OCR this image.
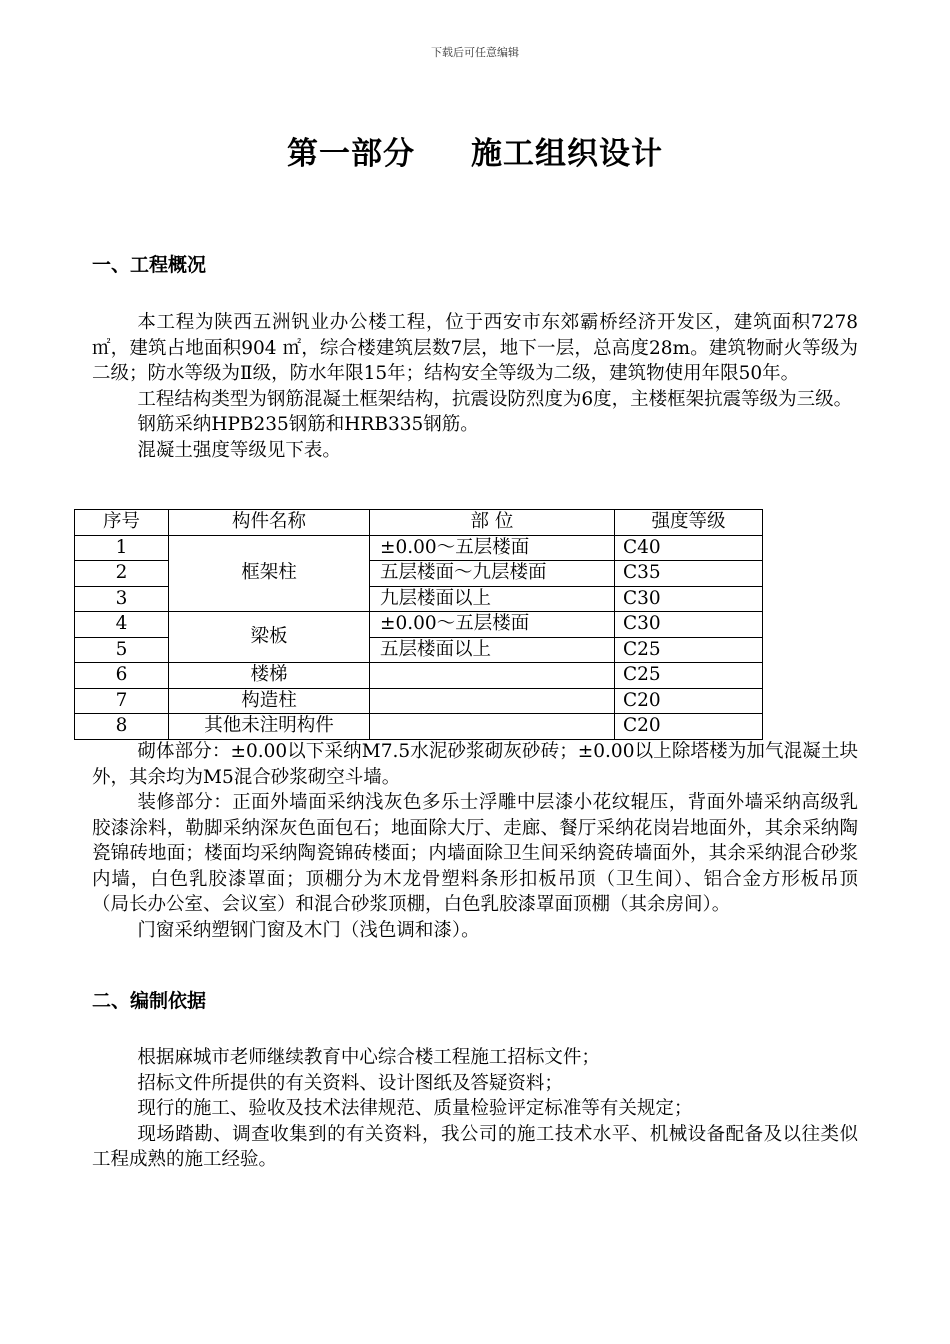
下载后可任意编辑
第一部分 施工组织设计
一、工程概况

本工程为陕西五洲钒业办公楼工程，位于西安市东郊霸桥经济开发区，建筑面积7278㎡，建筑占地面积904 ㎡，综合楼建筑层数7层，地下一层，总高度28m。建筑物耐火等级为二级；防水等级为Ⅱ级，防水年限15年；结构安全等级为二级，建筑物使用年限50年。

工程结构类型为钢筋混凝土框架结构，抗震设防烈度为6度，主楼框架抗震等级为三级。

钢筋采纳HPB235钢筋和HRB335钢筋。

混凝土强度等级见下表。

序号	构件名称	部 位	强度等级
1	框架柱	±0.00～五层楼面	C40
2		五层楼面～九层楼面	C35
3		九层楼面以上	C30
4	梁板	±0.00～五层楼面	C30
5		五层楼面以上	C25
6	楼梯		C25
7	构造柱		C20
8	其他未注明构件		C20

砌体部分：±0.00以下采纳M7.5水泥砂浆砌灰砂砖；±0.00以上除塔楼为加气混凝土块外，其余均为M5混合砂浆砌空斗墙。

装修部分：正面外墙面采纳浅灰色多乐士浮雕中层漆小花纹辊压，背面外墙采纳高级乳胶漆涂料，勒脚采纳深灰色面包石；地面除大厅、走廊、餐厅采纳花岗岩地面外，其余采纳陶瓷锦砖地面；楼面均采纳陶瓷锦砖楼面；内墙面除卫生间采纳瓷砖墙面外，其余采纳混合砂浆内墙，白色乳胶漆罩面；顶棚分为木龙骨塑料条形扣板吊顶（卫生间）、铝合金方形板吊顶（局长办公室、会议室）和混合砂浆顶棚，白色乳胶漆罩面顶棚（其余房间）。

门窗采纳塑钢门窗及木门（浅色调和漆）。

二、编制依据

根据麻城市老师继续教育中心综合楼工程施工招标文件；

招标文件所提供的有关资料、设计图纸及答疑资料；

现行的施工、验收及技术法律规范、质量检验评定标准等有关规定；

现场踏勘、调查收集到的有关资料，我公司的施工技术水平、机械设备配备及以往类似工程成熟的施工经验。
